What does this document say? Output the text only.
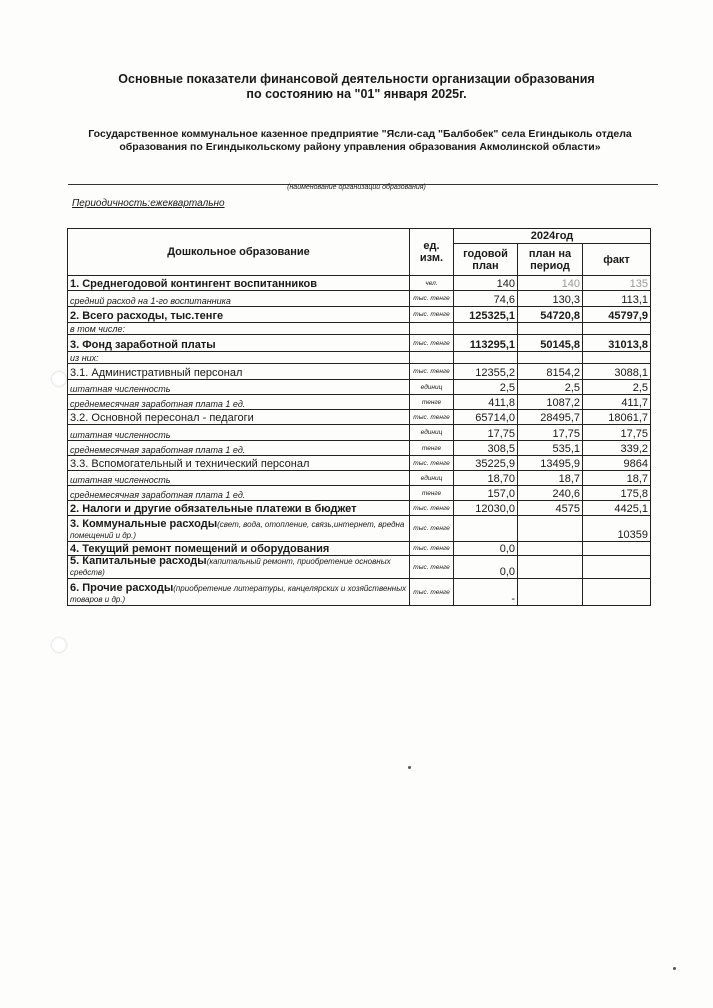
Основные показатели финансовой деятельности организации образования
по состоянию на "01" января 2025г.
Государственное коммунальное казенное предприятие "Ясли-сад "Балбобек" села Егиндыколь отдела
образования по Егиндыкольскому району управления образования Акмолинской области»
(наименование организации образования)
Периодичность:ежеквартально
Дошкольное образование	ед. изм.	2024год		
		годовой план	план на период	факт
1. Среднегодовой контингент воспитанников	чел.	140	140	135
средний расход на 1-го воспитанника	тыс. тенге	74,6	130,3	113,1
2. Всего расходы, тыс.тенге	тыс. тенге	125325,1	54720,8	45797,9
в том числе:				
3. Фонд заработной платы	тыс. тенге	113295,1	50145,8	31013,8
из них:				
3.1. Административный персонал	тыс. тенге	12355,2	8154,2	3088,1
штатная численность	единиц	2,5	2,5	2,5
среднемесячная заработная плата 1 ед.	тенге	411,8	1087,2	411,7
3.2. Основной пересонал - педагоги	тыс. тенге	65714,0	28495,7	18061,7
штатная численность	единиц	17,75	17,75	17,75
среднемесячная заработная плата 1 ед.	тенге	308,5	535,1	339,2
3.3. Вспомогательный и технический персонал	тыс. тенге	35225,9	13495,9	9864
штатная численность	единиц	18,70	18,7	18,7
среднемесячная заработная плата 1 ед.	тенге	157,0	240,6	175,8
2. Налоги и другие обязательные платежи в бюджет	тыс. тенге	12030,0	4575	4425,1
3. Коммунальные расходы(свет, вода, отопление, связь,интернет, вредна помещений и др.)	тыс. тенге			10359
4. Текущий ремонт помещений и оборудования	тыс. тенге	0,0		
5. Капитальные расходы(капитальный ремонт, приобретение основных средств)	тыс. тенге	0,0		
6. Прочие расходы(приобретение литературы, канцелярских и хозяйственных товаров и др.)	тыс. тенге	-		
